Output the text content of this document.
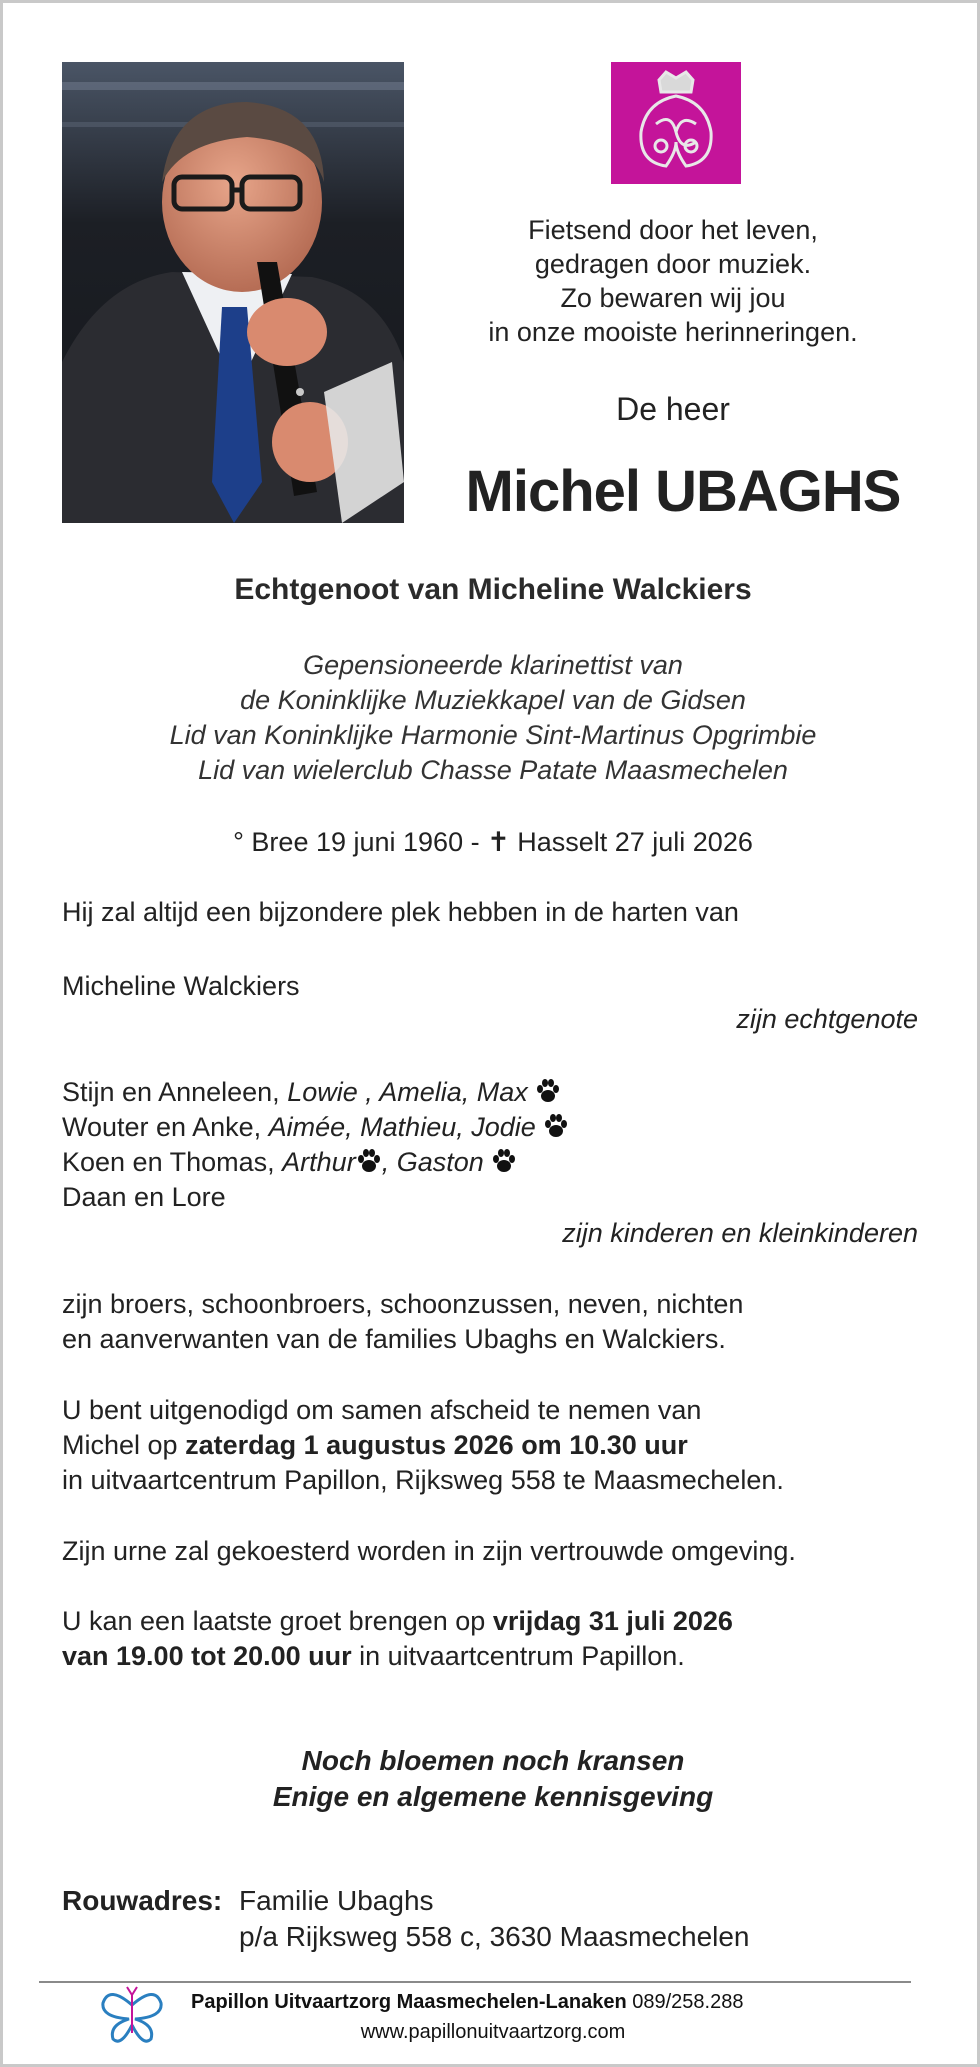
Fietsend door het leven,
gedragen door muziek.
Zo bewaren wij jou
in onze mooiste herinneringen.
De heer
Michel UBAGHS
Echtgenoot van Micheline Walckiers
Gepensioneerde klarinettist van
de Koninklijke Muziekkapel van de Gidsen
Lid van Koninklijke Harmonie Sint-Martinus Opgrimbie
Lid van wielerclub Chasse Patate Maasmechelen
° Bree 19 juni 1960 - ✝ Hasselt 27 juli 2026
Hij zal altijd een bijzondere plek hebben in de harten van
Micheline Walckiers
zijn echtgenote
Stijn en Anneleen, Lowie , Amelia, Max
Wouter en Anke, Aimée, Mathieu, Jodie
Koen en Thomas, Arthur , Gaston
Daan en Lore
zijn kinderen en kleinkinderen
zijn broers, schoonbroers, schoonzussen, neven, nichten
en aanverwanten van de families Ubaghs en Walckiers.
U bent uitgenodigd om samen afscheid te nemen van
Michel op zaterdag 1 augustus 2026 om 10.30 uur
in uitvaartcentrum Papillon, Rijksweg 558 te Maasmechelen.
Zijn urne zal gekoesterd worden in zijn vertrouwde omgeving.
U kan een laatste groet brengen op vrijdag 31 juli 2026
van 19.00 tot 20.00 uur in uitvaartcentrum Papillon.
Noch bloemen noch kransen
Enige en algemene kennisgeving
Rouwadres: Familie Ubaghs
p/a Rijksweg 558 c, 3630 Maasmechelen
Papillon Uitvaartzorg Maasmechelen-Lanaken 089/258.288
www.papillonuitvaartzorg.com
